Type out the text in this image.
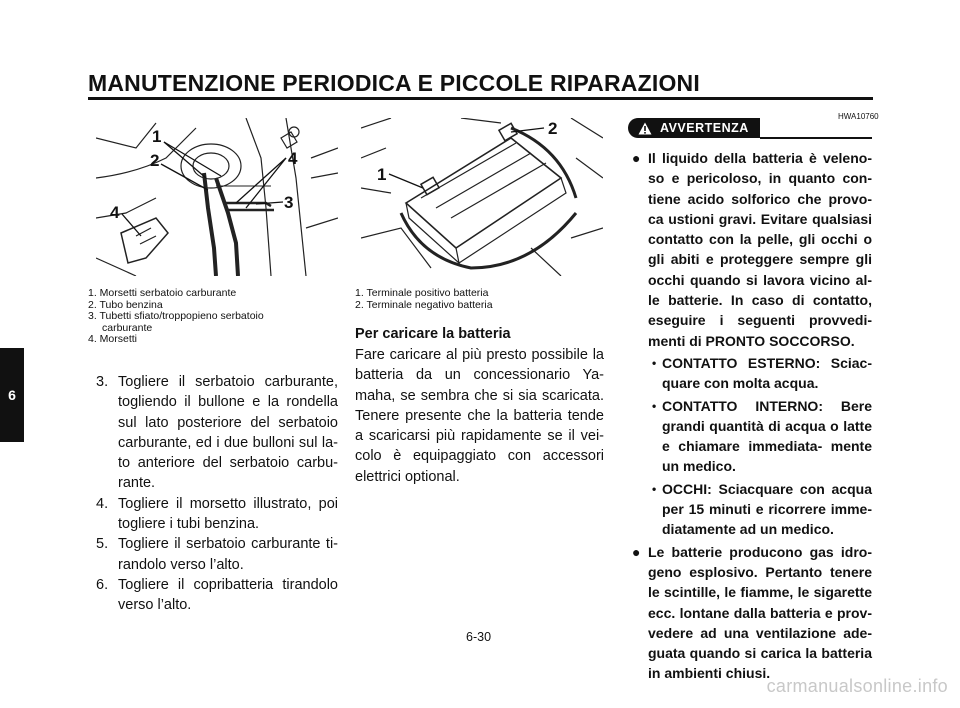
MANUTENZIONE PERIODICA E PICCOLE RIPARAZIONI
6
1
2
4
3
4
1. Morsetti serbatoio carburante
2. Tubo benzina
3. Tubetti sfiato/troppopieno serbatoio
carburante
4. Morsetti
2
1
1. Terminale positivo batteria
2. Terminale negativo batteria
3. Togliere il serbatoio carburante, togliendo il bullone e la rondella sul lato posteriore del serbatoio carburante, ed i due bulloni sul la- to anteriore del serbatoio carbu- rante.
4. Togliere il morsetto illustrato, poi togliere i tubi benzina.
5. Togliere il serbatoio carburante ti- randolo verso l’alto.
6. Togliere il copribatteria tirandolo verso l’alto.
Per caricare la batteria
Fare caricare al più presto possibile la batteria da un concessionario Ya- maha, se sembra che si sia scaricata. Tenere presente che la batteria tende a scaricarsi più rapidamente se il vei- colo è equipaggiato con accessori elettrici optional.
HWA10760
AVVERTENZA
● Il liquido della batteria è veleno- so e pericoloso, in quanto con- tiene acido solforico che provo- ca ustioni gravi. Evitare qualsiasi contatto con la pelle, gli occhi o gli abiti e proteggere sempre gli occhi quando si lavora vicino al- le batterie. In caso di contatto, eseguire i seguenti provvedi- menti di PRONTO SOCCORSO.
• CONTATTO ESTERNO: Sciac- quare con molta acqua.
• CONTATTO INTERNO: Bere grandi quantità di acqua o latte e chiamare immediata- mente un medico.
• OCCHI: Sciacquare con acqua per 15 minuti e ricorrere imme- diatamente ad un medico.
● Le batterie producono gas idro- geno esplosivo. Pertanto tenere le scintille, le fiamme, le sigarette ecc. lontane dalla batteria e prov- vedere ad una ventilazione ade- guata quando si carica la batteria in ambienti chiusi.
6-30
carmanualsonline.info
